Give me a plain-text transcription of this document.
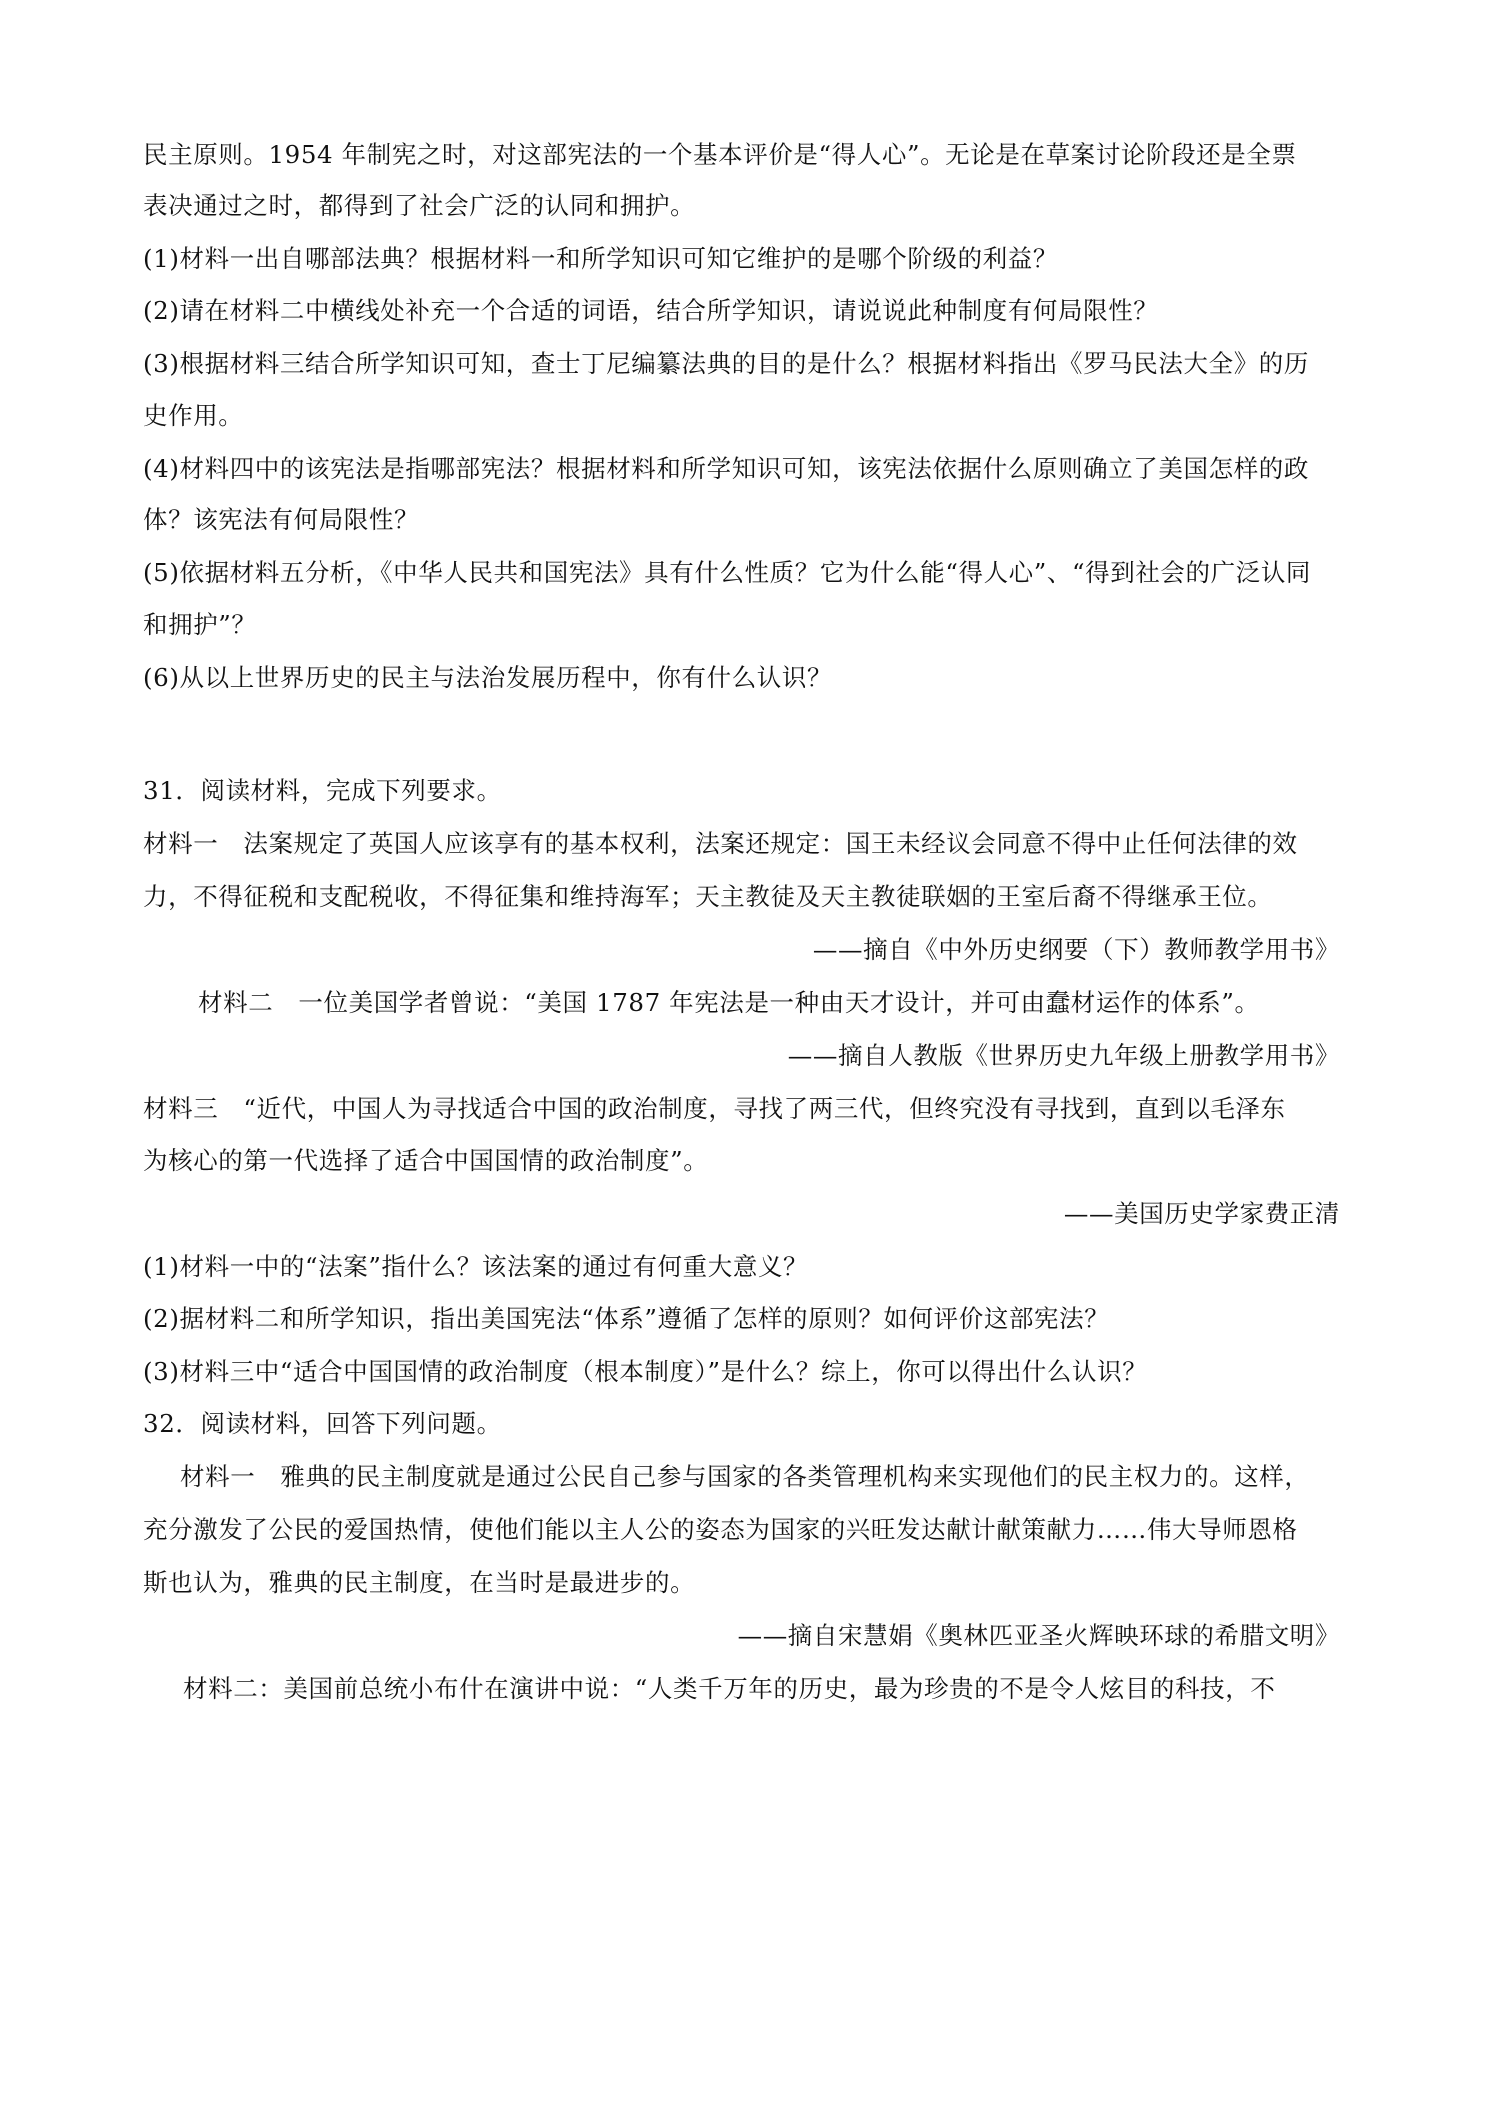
民主原则。1954 年制宪之时，对这部宪法的一个基本评价是“得人心”。无论是在草案讨论阶段还是全票

表决通过之时，都得到了社会广泛的认同和拥护。

(1)材料一出自哪部法典？根据材料一和所学知识可知它维护的是哪个阶级的利益？

(2)请在材料二中横线处补充一个合适的词语，结合所学知识，请说说此种制度有何局限性？

(3)根据材料三结合所学知识可知，查士丁尼编纂法典的目的是什么？根据材料指出《罗马民法大全》的历

史作用。

(4)材料四中的该宪法是指哪部宪法？根据材料和所学知识可知，该宪法依据什么原则确立了美国怎样的政

体？该宪法有何局限性？

(5)依据材料五分析，《中华人民共和国宪法》具有什么性质？它为什么能“得人心”、“得到社会的广泛认同

和拥护”？

(6)从以上世界历史的民主与法治发展历程中，你有什么认识？

31．阅读材料，完成下列要求。

材料一　法案规定了英国人应该享有的基本权利，法案还规定：国王未经议会同意不得中止任何法律的效

力，不得征税和支配税收，不得征集和维持海军；天主教徒及天主教徒联姻的王室后裔不得继承王位。

——摘自《中外历史纲要（下）教师教学用书》

材料二　一位美国学者曾说：“美国 1787 年宪法是一种由天才设计，并可由蠢材运作的体系”。

——摘自人教版《世界历史九年级上册教学用书》

材料三　“近代，中国人为寻找适合中国的政治制度，寻找了两三代，但终究没有寻找到，直到以毛泽东

为核心的第一代选择了适合中国国情的政治制度”。

——美国历史学家费正清

(1)材料一中的“法案”指什么？该法案的通过有何重大意义？

(2)据材料二和所学知识，指出美国宪法“体系”遵循了怎样的原则？如何评价这部宪法？

(3)材料三中“适合中国国情的政治制度（根本制度）”是什么？综上，你可以得出什么认识？

32．阅读材料，回答下列问题。

材料一　雅典的民主制度就是通过公民自己参与国家的各类管理机构来实现他们的民主权力的。这样，

充分激发了公民的爱国热情，使他们能以主人公的姿态为国家的兴旺发达献计献策献力……伟大导师恩格

斯也认为，雅典的民主制度，在当时是最进步的。

——摘自宋慧娟《奥林匹亚圣火辉映环球的希腊文明》

材料二：美国前总统小布什在演讲中说：“人类千万年的历史，最为珍贵的不是令人炫目的科技，不
